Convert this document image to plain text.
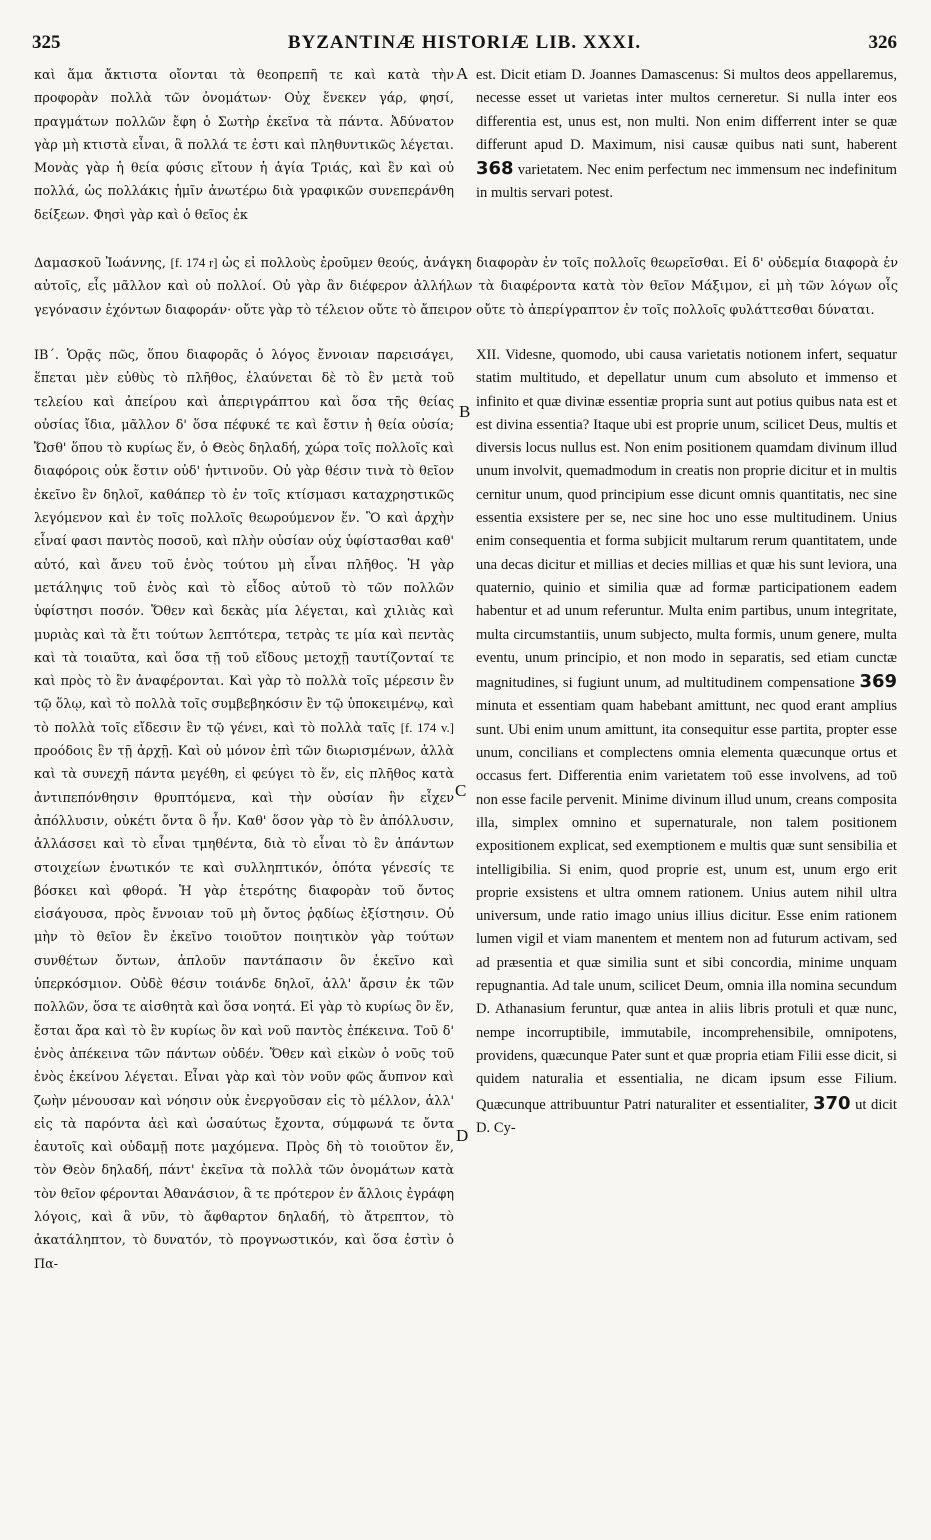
325	BYZANTINÆ HISTORIÆ LIB. XXXI.	326

καὶ ἅμα ἄκτιστα οἴονται τὰ θεοπρεπῆ τε καὶ κατὰ τὴν προφορὰν πολλὰ τῶν ὀνομάτων· Οὐχ ἕνεκεν γάρ, φησί, πραγμάτων πολλῶν ἔφη ὁ Σωτὴρ ἐκεῖνα τὰ πάντα. Ἀδύνατον γὰρ μὴ κτιστὰ εἶναι, ἃ πολλά τε ἐστι καὶ πληθυντικῶς λέγεται. Μονὰς γὰρ ἡ θεία φύσις εἴτουν ἡ ἁγία Τριάς, καὶ ἓν καὶ οὐ πολλά, ὡς πολλάκις ἡμῖν ἀνωτέρω διὰ γραφικῶν συνεπεράνθη δείξεων. Φησὶ γὰρ καὶ ὁ θεῖος ἐκ

A est. Dicit etiam D. Joannes Damascenus: Si multos deos appellaremus, necesse esset ut varietas inter multos cerneretur. Si nulla inter eos differentia est, unus est, non multi. Non enim differrent inter se quæ differunt apud D. Maximum, nisi causæ quibus nati sunt, haberent 368 varietatem. Nec enim perfectum nec immensum nec indefinitum in multis servari potest.

Δαμασκοῦ Ἰωάννης, [f. 174 r] ὡς εἰ πολλοὺς ἐροῦμεν θεούς, ἀνάγκη διαφορὰν ἐν τοῖς πολλοῖς θεωρεῖσθαι. Εἰ δ' οὐδεμία διαφορὰ ἐν αὐτοῖς, εἷς μᾶλλον καὶ οὐ πολλοί. Οὐ γὰρ ἂν διέφερον ἀλλήλων τὰ διαφέροντα κατὰ τὸν θεῖον Μάξιμον, εἰ μὴ τῶν λόγων οἷς γεγόνασιν ἐχόντων διαφοράν· οὔτε γὰρ τὸ τέλειον οὔτε τὸ ἄπειρον οὔτε τὸ ἀπερίγραπτον ἐν τοῖς πολλοῖς φυλάττεσθαι δύναται.

ΙΒ΄. Ὁρᾷς πῶς, ὅπου διαφορᾶς ὁ λόγος ἔννοιαν παρεισάγει, ἕπεται μὲν εὐθὺς τὸ πλῆθος, ἐλαύνεται δὲ τὸ ἓν μετὰ τοῦ τελείου καὶ ἀπείρου καὶ ἀπεριγράπτου καὶ ὅσα τῆς θείας οὐσίας ἴδια, μᾶλλον δ' ὅσα πέφυκέ τε καὶ ἔστιν ἡ θεία οὐσία; Ὥσθ' ὅπου τὸ κυρίως ἕν, ὁ Θεὸς δηλαδή, χώρα τοῖς πολλοῖς καὶ διαφόροις οὐκ ἔστιν οὐδ' ἡντινοῦν. Οὐ γὰρ θέσιν τινὰ τὸ θεῖον ἐκεῖνο ἓν δηλοῖ, καθάπερ τὸ ἐν τοῖς κτίσμασι καταχρηστικῶς λεγόμενον καὶ ἐν τοῖς πολλοῖς θεωρούμενον ἕν. Ὃ καὶ ἀρχὴν εἶναί φασι παντὸς ποσοῦ, καὶ πλὴν οὐσίαν οὐχ ὑφίστασθαι καθ' αὑτό, καὶ ἄνευ τοῦ ἑνὸς τούτου μὴ εἶναι πλῆθος. Ἡ γὰρ μετάληψις τοῦ ἑνὸς καὶ τὸ εἶδος αὐτοῦ τὸ τῶν πολλῶν ὑφίστησι ποσόν. Ὅθεν καὶ δεκὰς μία λέγεται, καὶ χιλιὰς καὶ μυριὰς καὶ τὰ ἔτι τούτων λεπτότερα, τετρὰς τε μία καὶ πεντὰς καὶ τὰ τοιαῦτα, καὶ ὅσα τῇ τοῦ εἴδους μετοχῇ ταυτίζονταί τε καὶ πρὸς τὸ ἓν ἀναφέρονται. Καὶ γὰρ τὸ πολλὰ τοῖς μέρεσιν ἓν τῷ ὅλῳ, καὶ τὸ πολλὰ τοῖς συμβεβηκόσιν ἓν τῷ ὑποκειμένῳ, καὶ τὸ πολλὰ τοῖς εἴδεσιν ἓν τῷ γένει, καὶ τὸ πολλὰ ταῖς [f. 174 v.] προόδοις ἓν τῇ ἀρχῇ. Καὶ οὐ μόνον ἐπὶ τῶν διωρισμένων, ἀλλὰ καὶ τὰ συνεχῆ πάντα μεγέθη, εἰ φεύγει τὸ ἕν, εἰς πλῆθος κατὰ ἀντιπεπόνθησιν θρυπτόμενα, καὶ τὴν οὐσίαν ἣν εἶχεν ἀπόλλυσιν, οὐκέτι ὄντα ὃ ἦν. Καθ' ὅσον γὰρ τὸ ἓν ἀπόλλυσιν, ἀλλάσσει καὶ τὸ εἶναι τμηθέντα, διὰ τὸ εἶναι τὸ ἓν ἁπάντων στοιχείων ἑνωτικόν τε καὶ συλληπτικόν, ὁπότα γένεσίς τε βόσκει καὶ φθορά. Ἡ γὰρ ἑτερότης διαφορὰν τοῦ ὄντος εἰσάγουσα, πρὸς ἔννοιαν τοῦ μὴ ὄντος ῥᾳδίως ἐξίστησιν. Οὐ μὴν τὸ θεῖον ἓν ἐκεῖνο τοιοῦτον ποιητικὸν γὰρ τούτων συνθέτων ὄντων, ἁπλοῦν παντάπασιν ὃν ἐκεῖνο καὶ ὑπερκόσμιον. Οὐδὲ θέσιν τοιάνδε δηλοῖ, ἀλλ' ἄρσιν ἐκ τῶν πολλῶν, ὅσα τε αἰσθητὰ καὶ ὅσα νοητά. Εἰ γὰρ τὸ κυρίως ὂν ἕν, ἔσται ἄρα καὶ τὸ ἓν κυρίως ὂν καὶ νοῦ παντὸς ἐπέκεινα. Τοῦ δ' ἑνὸς ἀπέκεινα τῶν πάντων οὐδέν. Ὅθεν καὶ εἰκὼν ὁ νοῦς τοῦ ἑνὸς ἐκείνου λέγεται. Εἶναι γὰρ καὶ τὸν νοῦν φῶς ἄυπνον καὶ ζωὴν μένουσαν καὶ νόησιν οὐκ ἐνεργοῦσαν εἰς τὸ μέλλον, ἀλλ' εἰς τὰ παρόντα ἀεὶ καὶ ὡσαύτως ἔχοντα, σύμφωνά τε ὄντα ἑαυτοῖς καὶ οὐδαμῇ ποτε μαχόμενα. Πρὸς δὴ τὸ τοιοῦτον ἕν, τὸν Θεὸν δηλαδή, πάντ' ἐκεῖνα τὰ πολλὰ τῶν ὀνομάτων κατὰ τὸν θεῖον φέρονται Ἀθανάσιον, ἃ τε πρότερον ἐν ἄλλοις ἐγράφη λόγοις, καὶ ἃ νῦν, τὸ ἄφθαρτον δηλαδή, τὸ ἄτρεπτον, τὸ ἀκατάληπτον, τὸ δυνατόν, τὸ προγνωστικόν, καὶ ὅσα ἐστὶν ὁ Πα-

B
C
D

XII. Videsne, quomodo, ubi causa varietatis notionem infert, sequatur statim multitudo, et depellatur unum cum absoluto et immenso et infinito et quæ divinæ essentiæ propria sunt aut potius quibus nata est et est divina essentia? Itaque ubi est proprie unum, scilicet Deus, multis et diversis locus nullus est. Non enim positionem quamdam divinum illud unum involvit, quemadmodum in creatis non proprie dicitur et in multis cernitur unum, quod principium esse dicunt omnis quantitatis, nec sine essentia exsistere per se, nec sine hoc uno esse multitudinem. Unius enim consequentia et forma subjicit multarum rerum quantitatem, unde una decas dicitur et millias et decies millias et quæ his sunt leviora, una quaternio, quinio et similia quæ ad formæ participationem eadem habentur et ad unum referuntur. Multa enim partibus, unum integritate, multa circumstantiis, unum subjecto, multa formis, unum genere, multa eventu, unum principio, et non modo in separatis, sed etiam cunctæ magnitudines, si fugiunt unum, ad multitudinem compensatione 369 minuta et essentiam quam habebant amittunt, nec quod erant amplius sunt. Ubi enim unum amittunt, ita consequitur esse partita, propter esse unum, concilians et complectens omnia elementa quæcunque ortus et occasus fert. Differentia enim varietatem τοῦ esse involvens, ad τοῦ non esse facile pervenit. Minime divinum illud unum, creans composita illa, simplex omnino et supernaturale, non talem positionem expositionem explicat, sed exemptionem e multis quæ sunt sensibilia et intelligibilia. Si enim, quod proprie est, unum est, unum ergo erit proprie exsistens et ultra omnem rationem. Unius autem nihil ultra universum, unde ratio imago unius illius dicitur. Esse enim rationem lumen vigil et viam manentem et mentem non ad futurum activam, sed ad præsentia et quæ similia sunt et sibi concordia, minime unquam repugnantia. Ad tale unum, scilicet Deum, omnia illa nomina secundum D. Athanasium feruntur, quæ antea in aliis libris protuli et quæ nunc, nempe incorruptibile, immutabile, incomprehensibile, omnipotens, providens, quæcunque Pater sunt et quæ propria etiam Filii esse dicit, si quidem naturalia et essentialia, ne dicam ipsum esse Filium. Quæcunque attribuuntur Patri naturaliter et essentialiter, 370 ut dicit D. Cy-
